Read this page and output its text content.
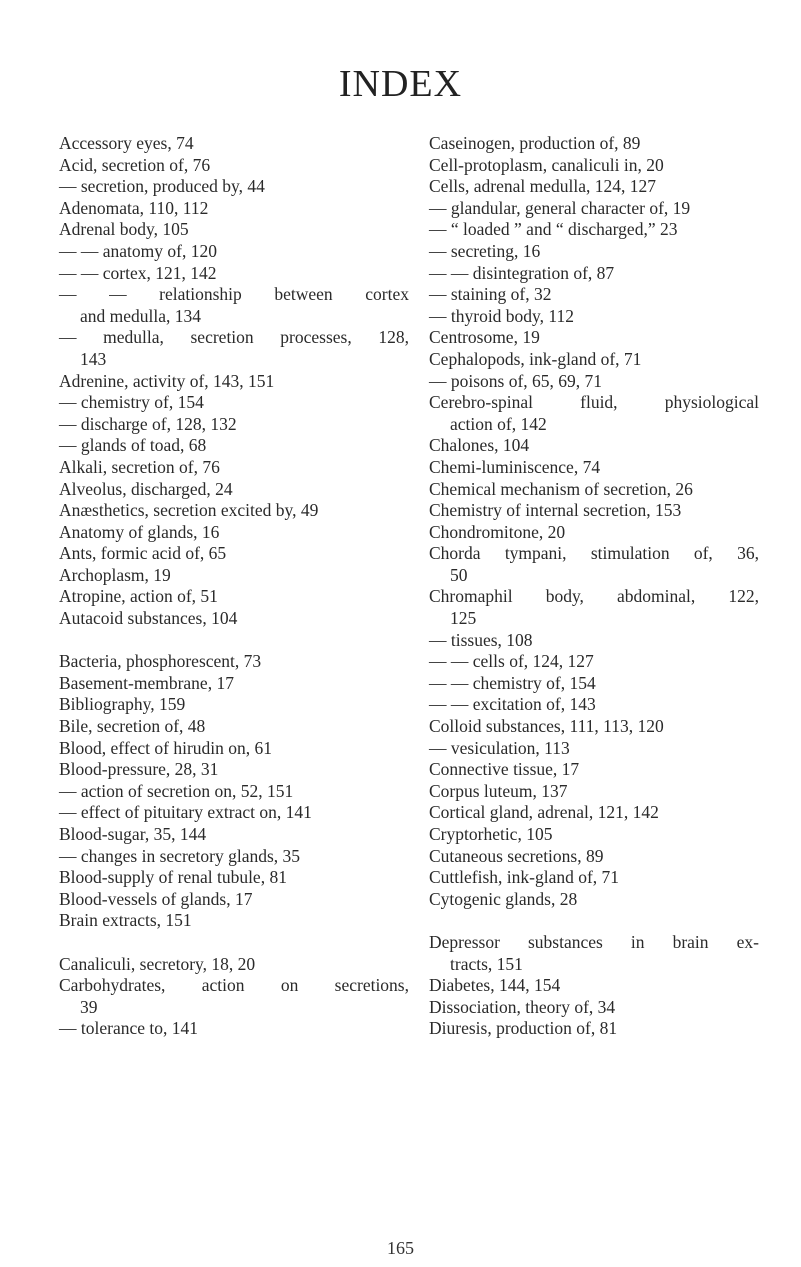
INDEX
Accessory eyes, 74
Acid, secretion of, 76
— secretion, produced by, 44
Adenomata, 110, 112
Adrenal body, 105
— — anatomy of, 120
— — cortex, 121, 142
— — relationship between cortex
and medulla, 134
— medulla, secretion processes, 128,
143
Adrenine, activity of, 143, 151
— chemistry of, 154
— discharge of, 128, 132
— glands of toad, 68
Alkali, secretion of, 76
Alveolus, discharged, 24
Anæsthetics, secretion excited by, 49
Anatomy of glands, 16
Ants, formic acid of, 65
Archoplasm, 19
Atropine, action of, 51
Autacoid substances, 104
Bacteria, phosphorescent, 73
Basement-membrane, 17
Bibliography, 159
Bile, secretion of, 48
Blood, effect of hirudin on, 61
Blood-pressure, 28, 31
— action of secretion on, 52, 151
— effect of pituitary extract on, 141
Blood-sugar, 35, 144
— changes in secretory glands, 35
Blood-supply of renal tubule, 81
Blood-vessels of glands, 17
Brain extracts, 151
Canaliculi, secretory, 18, 20
Carbohydrates, action on secretions,
39
— tolerance to, 141
Caseinogen, production of, 89
Cell-protoplasm, canaliculi in, 20
Cells, adrenal medulla, 124, 127
— glandular, general character of, 19
— “ loaded ” and “ discharged,” 23
— secreting, 16
— — disintegration of, 87
— staining of, 32
— thyroid body, 112
Centrosome, 19
Cephalopods, ink-gland of, 71
— poisons of, 65, 69, 71
Cerebro-spinal	fluid,	physiological
action of, 142
Chalones, 104
Chemi-luminiscence, 74
Chemical mechanism of secretion, 26
Chemistry of internal secretion, 153
Chondromitone, 20
Chorda tympani, stimulation of, 36,
50
Chromaphil body, abdominal, 122,
125
— tissues, 108
— — cells of, 124, 127
— — chemistry of, 154
— — excitation of, 143
Colloid substances, 111, 113, 120
— vesiculation, 113
Connective tissue, 17
Corpus luteum, 137
Cortical gland, adrenal, 121, 142
Cryptorhetic, 105
Cutaneous secretions, 89
Cuttlefish, ink-gland of, 71
Cytogenic glands, 28
Depressor substances in brain ex-
tracts, 151
Diabetes, 144, 154
Dissociation, theory of, 34
Diuresis, production of, 81
165
